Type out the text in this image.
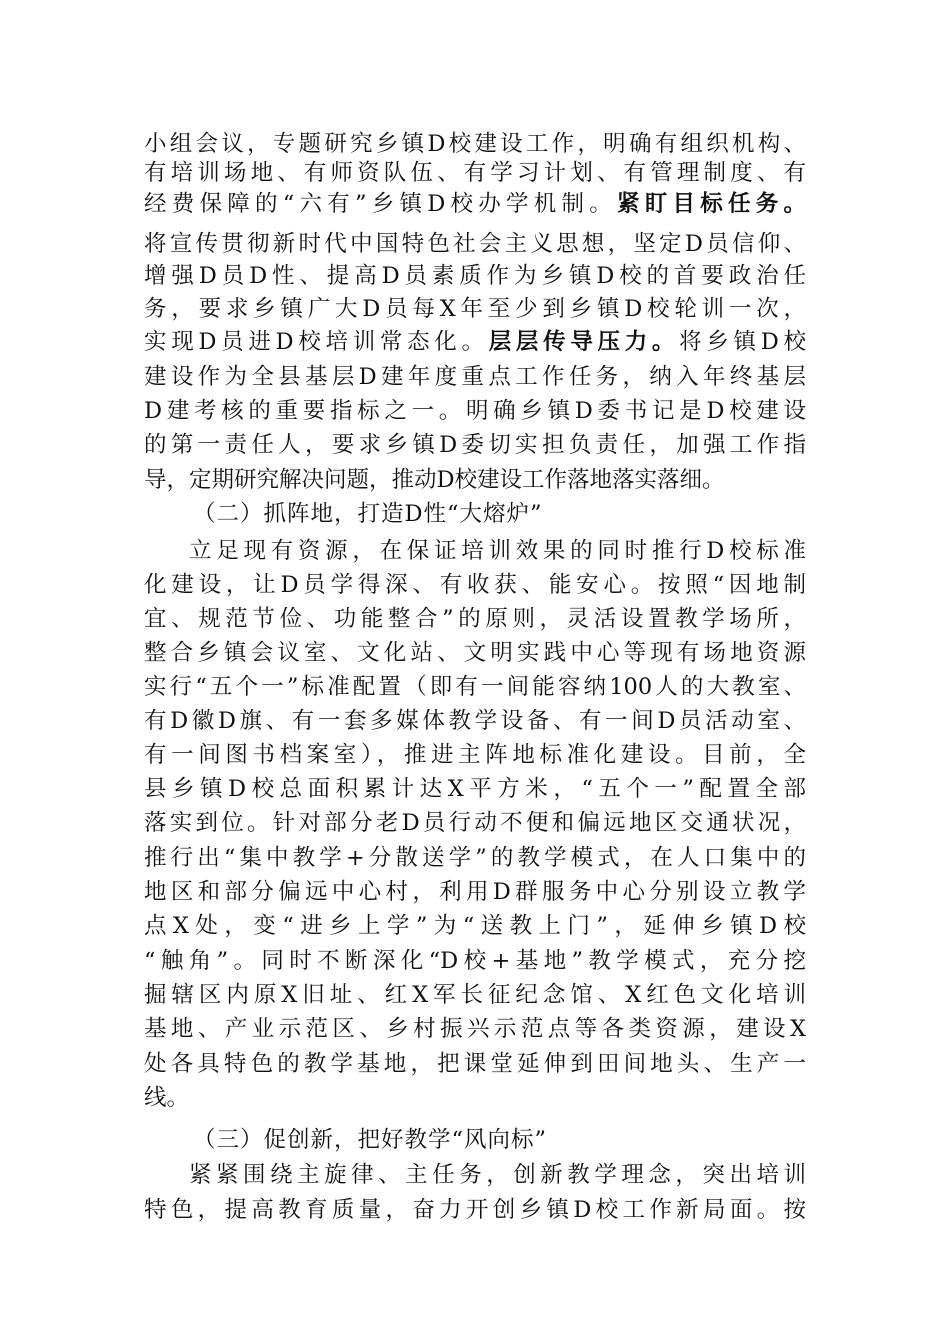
小组会议，专题研究乡镇D校建设工作，明确有组织机构、
有培训场地、有师资队伍、有学习计划、有管理制度、有
经费保障的“六有”乡镇D校办学机制。紧盯目标任务。
将宣传贯彻新时代中国特色社会主义思想，坚定D员信仰、
增强D员D性、提高D员素质作为乡镇D校的首要政治任
务，要求乡镇广大D员每X年至少到乡镇D校轮训一次，
实现D员进D校培训常态化。层层传导压力。将乡镇D校
建设作为全县基层D建年度重点工作任务，纳入年终基层
D建考核的重要指标之一。明确乡镇D委书记是D校建设
的第一责任人，要求乡镇D委切实担负责任，加强工作指
导，定期研究解决问题，推动D校建设工作落地落实落细。
（二）抓阵地，打造D性“大熔炉”
立足现有资源，在保证培训效果的同时推行D校标准
化建设，让D员学得深、有收获、能安心。按照“因地制
宜、规范节俭、功能整合”的原则，灵活设置教学场所，
整合乡镇会议室、文化站、文明实践中心等现有场地资源
实行“五个一”标准配置（即有一间能容纳100人的大教室、
有D徽D旗、有一套多媒体教学设备、有一间D员活动室、
有一间图书档案室），推进主阵地标准化建设。目前，全
县乡镇D校总面积累计达X平方米，“五个一”配置全部
落实到位。针对部分老D员行动不便和偏远地区交通状况，
推行出“集中教学+分散送学”的教学模式，在人口集中的
地区和部分偏远中心村，利用D群服务中心分别设立教学
点X处，变“进乡上学”为“送教上门”，延伸乡镇D校
“触角”。同时不断深化“D校+基地”教学模式，充分挖
掘辖区内原X旧址、红X军长征纪念馆、X红色文化培训
基地、产业示范区、乡村振兴示范点等各类资源，建设X
处各具特色的教学基地，把课堂延伸到田间地头、生产一
线。
（三）促创新，把好教学“风向标”
紧紧围绕主旋律、主任务，创新教学理念，突出培训
特色，提高教育质量，奋力开创乡镇D校工作新局面。按
